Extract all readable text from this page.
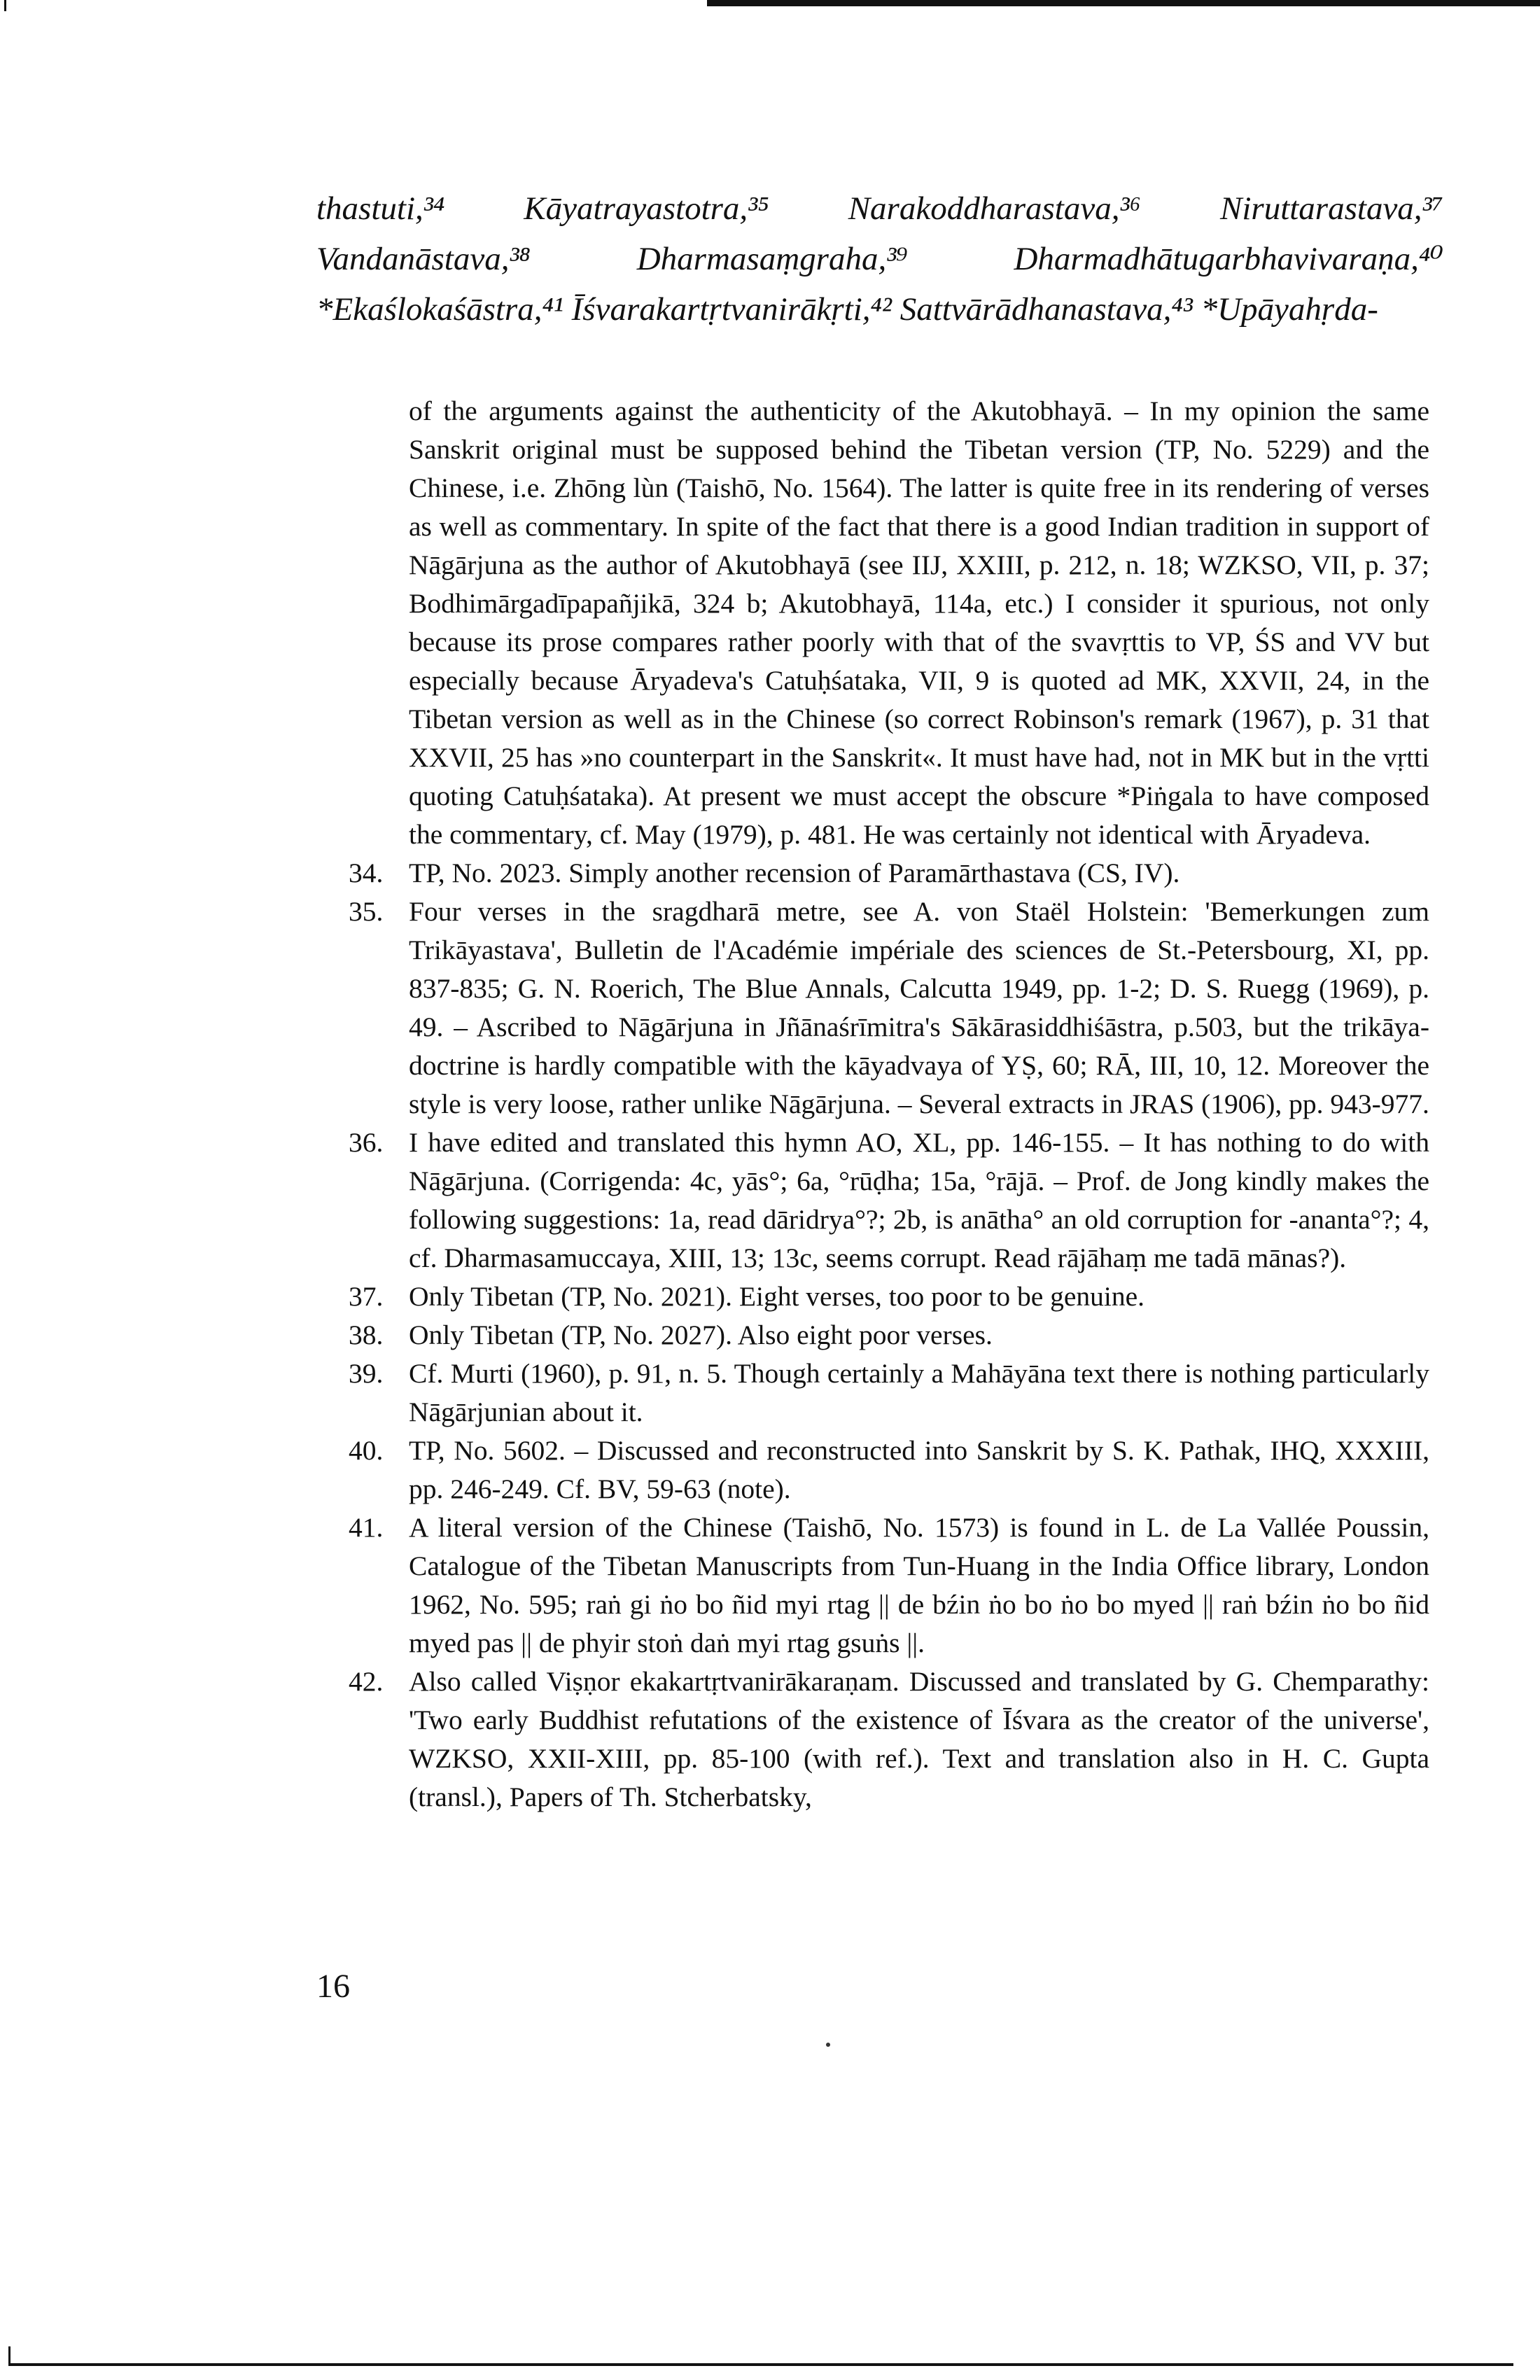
thastuti,³⁴ Kāyatrayastotra,³⁵ Narakoddharastava,³⁶ Niruttarastava,³⁷ Vandanāstava,³⁸ Dharmasaṃgraha,³⁹ Dharmadhātugarbhavivaraṇa,⁴⁰ *Ekaślokaśāstra,⁴¹ Īśvarakartṛtvanirākṛti,⁴² Sattvārādhanastava,⁴³ *Upāyahṛda-

of the arguments against the authenticity of the Akutobhayā. – In my opinion the same Sanskrit original must be supposed behind the Tibetan version (TP, No. 5229) and the Chinese, i.e. Zhōng lùn (Taishō, No. 1564). The latter is quite free in its rendering of verses as well as commentary. In spite of the fact that there is a good Indian tradition in support of Nāgārjuna as the author of Akutobhayā (see IIJ, XXIII, p. 212, n. 18; WZKSO, VII, p. 37; Bodhimārgadīpapañjikā, 324 b; Akutobhayā, 114a, etc.) I consider it spurious, not only because its prose compares rather poorly with that of the svavṛttis to VP, ŚS and VV but especially because Āryadeva's Catuḥśataka, VII, 9 is quoted ad MK, XXVII, 24, in the Tibetan version as well as in the Chinese (so correct Robinson's remark (1967), p. 31 that XXVII, 25 has »no counterpart in the Sanskrit«. It must have had, not in MK but in the vṛtti quoting Catuḥśataka). At present we must accept the obscure *Piṅgala to have composed the commentary, cf. May (1979), p. 481. He was certainly not identical with Āryadeva.

34. TP, No. 2023. Simply another recension of Paramārthastava (CS, IV).

35. Four verses in the sragdharā metre, see A. von Staël Holstein: 'Bemerkungen zum Trikāyastava', Bulletin de l'Académie impériale des sciences de St.-Petersbourg, XI, pp. 837-835; G. N. Roerich, The Blue Annals, Calcutta 1949, pp. 1-2; D. S. Ruegg (1969), p. 49. – Ascribed to Nāgārjuna in Jñānaśrīmitra's Sākārasiddhiśāstra, p.503, but the trikāya-doctrine is hardly compatible with the kāyadvaya of YṢ, 60; RĀ, III, 10, 12. Moreover the style is very loose, rather unlike Nāgārjuna. – Several extracts in JRAS (1906), pp. 943-977.

36. I have edited and translated this hymn AO, XL, pp. 146-155. – It has nothing to do with Nāgārjuna. (Corrigenda: 4c, yās°; 6a, °rūḍha; 15a, °rājā. – Prof. de Jong kindly makes the following suggestions: 1a, read dāridrya°?; 2b, is anātha° an old corruption for -ananta°?; 4, cf. Dharmasamuccaya, XIII, 13; 13c, seems corrupt. Read rājāhaṃ me tadā mānas?).

37. Only Tibetan (TP, No. 2021). Eight verses, too poor to be genuine.

38. Only Tibetan (TP, No. 2027). Also eight poor verses.

39. Cf. Murti (1960), p. 91, n. 5. Though certainly a Mahāyāna text there is nothing particularly Nāgārjunian about it.

40. TP, No. 5602. – Discussed and reconstructed into Sanskrit by S. K. Pathak, IHQ, XXXIII, pp. 246-249. Cf. BV, 59-63 (note).

41. A literal version of the Chinese (Taishō, No. 1573) is found in L. de La Vallée Poussin, Catalogue of the Tibetan Manuscripts from Tun-Huang in the India Office library, London 1962, No. 595; raṅ gi ṅo bo ñid myi rtag || de bźin ṅo bo ṅo bo myed || raṅ bźin ṅo bo ñid myed pas || de phyir stoṅ daṅ myi rtag gsuṅs ||.

42. Also called Viṣṇor ekakartṛtvanirākaraṇam. Discussed and translated by G. Chemparathy: 'Two early Buddhist refutations of the existence of Īśvara as the creator of the universe', WZKSO, XXII-XIII, pp. 85-100 (with ref.). Text and translation also in H. C. Gupta (transl.), Papers of Th. Stcherbatsky,

16
